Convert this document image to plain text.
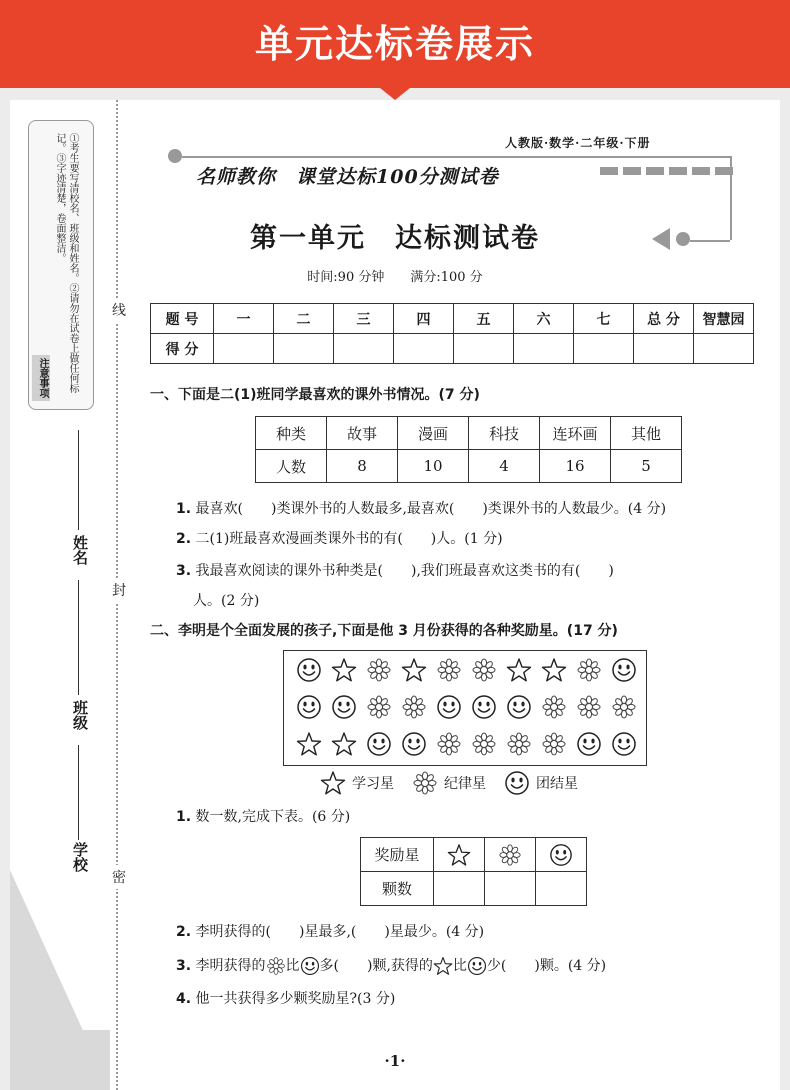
单元达标卷展示
①考生要写清校名、班级和姓名。②请勿在试卷上做任何标记。③字迹清楚，卷面整洁。
注意事项
姓名
班级
学校
线
封
密
人教版·数学·二年级·下册
名师教你　课堂达标100分测试卷
第一单元　达标测试卷
时间:90 分钟　　满分:100 分
题 号	一	二	三	四	五	六	七	总 分	智慧园
得 分									
一、下面是二(1)班同学最喜欢的课外书情况。(7 分)
种类	故事	漫画	科技	连环画	其他
人数	8	10	4	16	5
1. 最喜欢(　　)类课外书的人数最多,最喜欢(　　)类课外书的人数最少。(4 分)
2. 二(1)班最喜欢漫画类课外书的有(　　)人。(1 分)
3. 我最喜欢阅读的课外书种类是(　　),我们班最喜欢这类书的有(　　)
人。(2 分)
二、李明是个全面发展的孩子,下面是他 3 月份获得的各种奖励星。(17 分)
学习星	纪律星	团结星
1. 数一数,完成下表。(6 分)
奖励星			
颗数			
2. 李明获得的(　　)星最多,(　　)星最少。(4 分)
3. 李明获得的 比 多(　　)颗,获得的 比 少(　　)颗。(4 分)
4. 他一共获得多少颗奖励星?(3 分)
·1·
